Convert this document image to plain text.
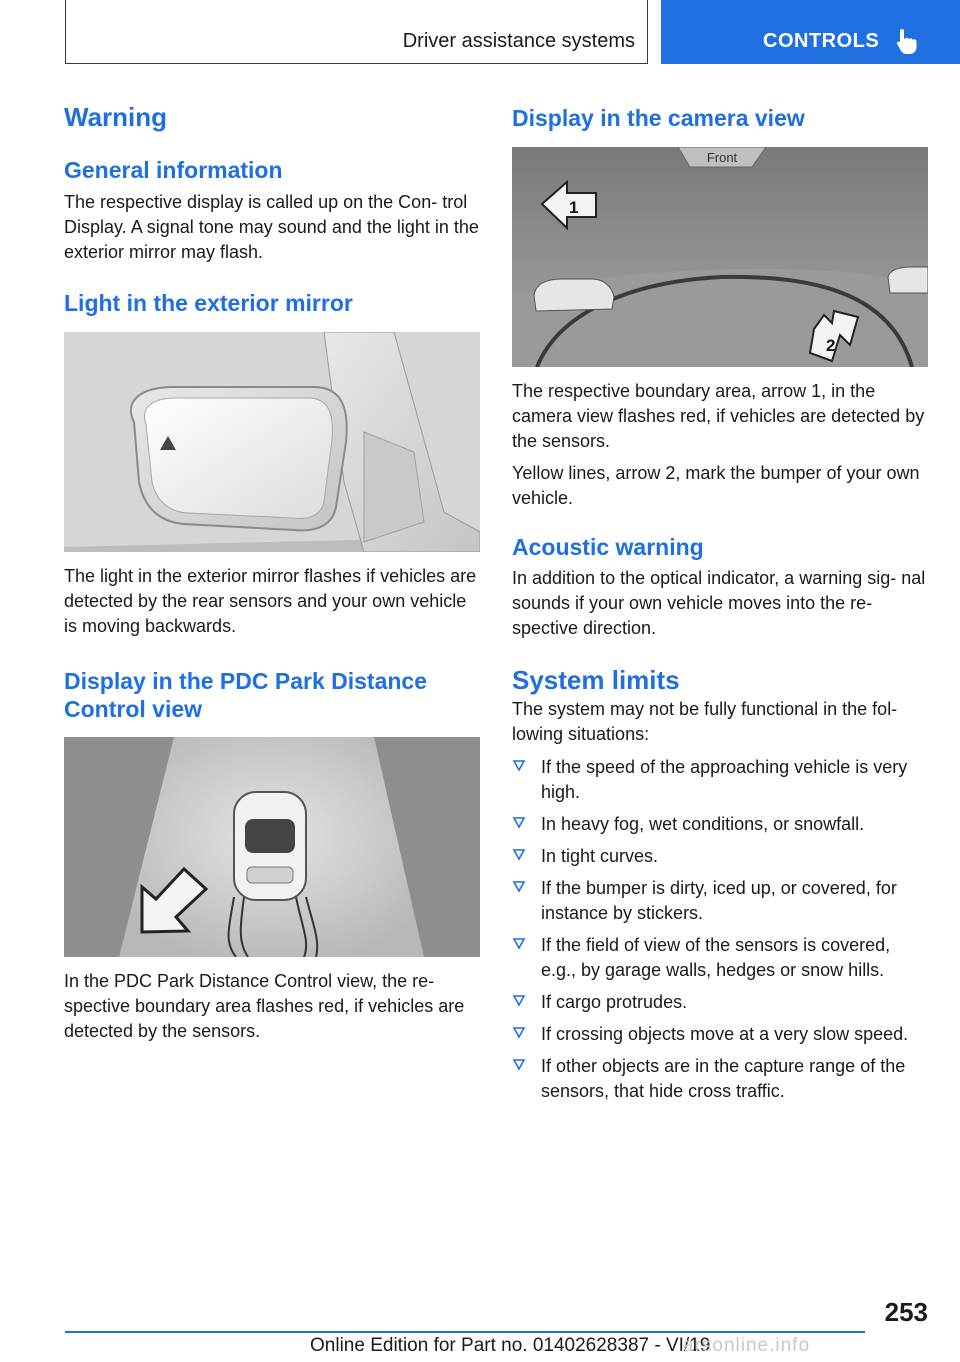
Driver assistance systems	CONTROLS
Warning
General information

The respective display is called up on the Con‐ trol Display. A signal tone may sound and the light in the exterior mirror may flash.

Light in the exterior mirror

The light in the exterior mirror flashes if vehicles are detected by the rear sensors and your own vehicle is moving backwards.

Display in the PDC Park Distance Control view

In the PDC Park Distance Control view, the re‐ spective boundary area flashes red, if vehicles are detected by the sensors.

Display in the camera view
Front
1
2

The respective boundary area, arrow 1, in the camera view flashes red, if vehicles are detected by the sensors.

Yellow lines, arrow 2, mark the bumper of your own vehicle.

Acoustic warning

In addition to the optical indicator, a warning sig‐ nal sounds if your own vehicle moves into the re‐ spective direction.

System limits

The system may not be fully functional in the fol‐ lowing situations:

If the speed of the approaching vehicle is very high.
In heavy fog, wet conditions, or snowfall.
In tight curves.
If the bumper is dirty, iced up, or covered, for instance by stickers.
If the field of view of the sensors is covered, e.g., by garage walls, hedges or snow hills.
If cargo protrudes.
If crossing objects move at a very slow speed.
If other objects are in the capture range of the sensors, that hide cross traffic.
253
Online Edition for Part no. 01402628387 - VI/19
arsonline.info
